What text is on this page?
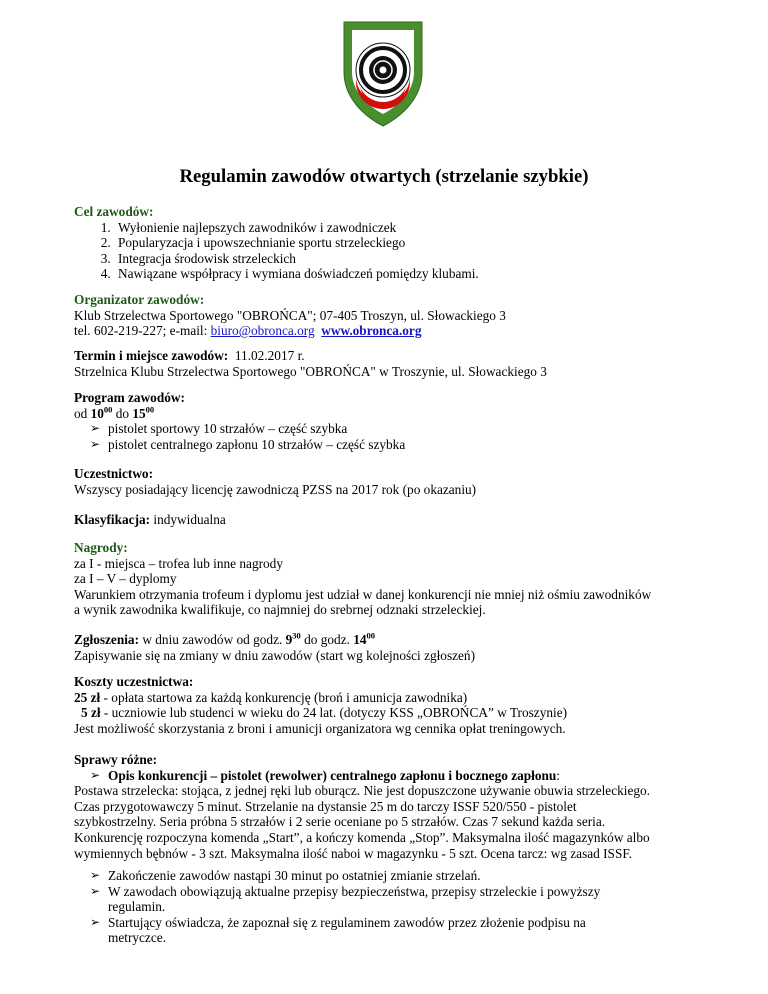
Regulamin zawodów otwartych (strzelanie szybkie)
Cel zawodów:
1. Wyłonienie najlepszych zawodników i zawodniczek
2. Popularyzacja i upowszechnianie sportu strzeleckiego
3. Integracja środowisk strzeleckich
4. Nawiązane współpracy i wymiana doświadczeń pomiędzy klubami.
Organizator zawodów:
Klub Strzelectwa Sportowego "OBROŃCA"; 07-405 Troszyn, ul. Słowackiego 3
tel. 602-219-227; e-mail: biuro@obronca.org www.obronca.org
Termin i miejsce zawodów: 11.02.2017 r.
Strzelnica Klubu Strzelectwa Sportowego "OBROŃCA" w Troszynie, ul. Słowackiego 3
Program zawodów:
od $10^{00}$ do $15^{00}$
➢ pistolet sportowy 10 strzałów – część szybka
➢ pistolet centralnego zapłonu 10 strzałów – część szybka
Uczestnictwo:
Wszyscy posiadający licencję zawodniczą PZSS na 2017 rok (po okazaniu)
Klasyfikacja: indywidualna
Nagrody:
za I - miejsca – trofea lub inne nagrody
za I – V – dyplomy
Warunkiem otrzymania trofeum i dyplomu jest udział w danej konkurencji nie mniej niż ośmiu zawodników
a wynik zawodnika kwalifikuje, co najmniej do srebrnej odznaki strzeleckiej.
Zgłoszenia: w dniu zawodów od godz. $9^{30}$ do godz. $14^{00}$
Zapisywanie się na zmiany w dniu zawodów (start wg kolejności zgłoszeń)
Koszty uczestnictwa:
25 zł - opłata startowa za każdą konkurencję (broń i amunicja zawodnika)
5 zł - uczniowie lub studenci w wieku do 24 lat. (dotyczy KSS „OBROŃCA” w Troszynie)
Jest możliwość skorzystania z broni i amunicji organizatora wg cennika opłat treningowych.
Sprawy różne:
➢ Opis konkurencji – pistolet (rewolwer) centralnego zapłonu i bocznego zapłonu:
Postawa strzelecka: stojąca, z jednej ręki lub oburącz. Nie jest dopuszczone używanie obuwia strzeleckiego.
Czas przygotowawczy 5 minut. Strzelanie na dystansie 25 m do tarczy ISSF 520/550 - pistolet
szybkostrzelny. Seria próbna 5 strzałów i 2 serie oceniane po 5 strzałów. Czas 7 sekund każda seria.
Konkurencję rozpoczyna komenda „Start”, a kończy komenda „Stop”. Maksymalna ilość magazynków albo
wymiennych bębnów - 3 szt. Maksymalna ilość naboi w magazynku - 5 szt. Ocena tarcz: wg zasad ISSF.
➢ Zakończenie zawodów nastąpi 30 minut po ostatniej zmianie strzelań.
➢ W zawodach obowiązują aktualne przepisy bezpieczeństwa, przepisy strzeleckie i powyższy
regulamin.
➢ Startujący oświadcza, że zapoznał się z regulaminem zawodów przez złożenie podpisu na
metryczce.
